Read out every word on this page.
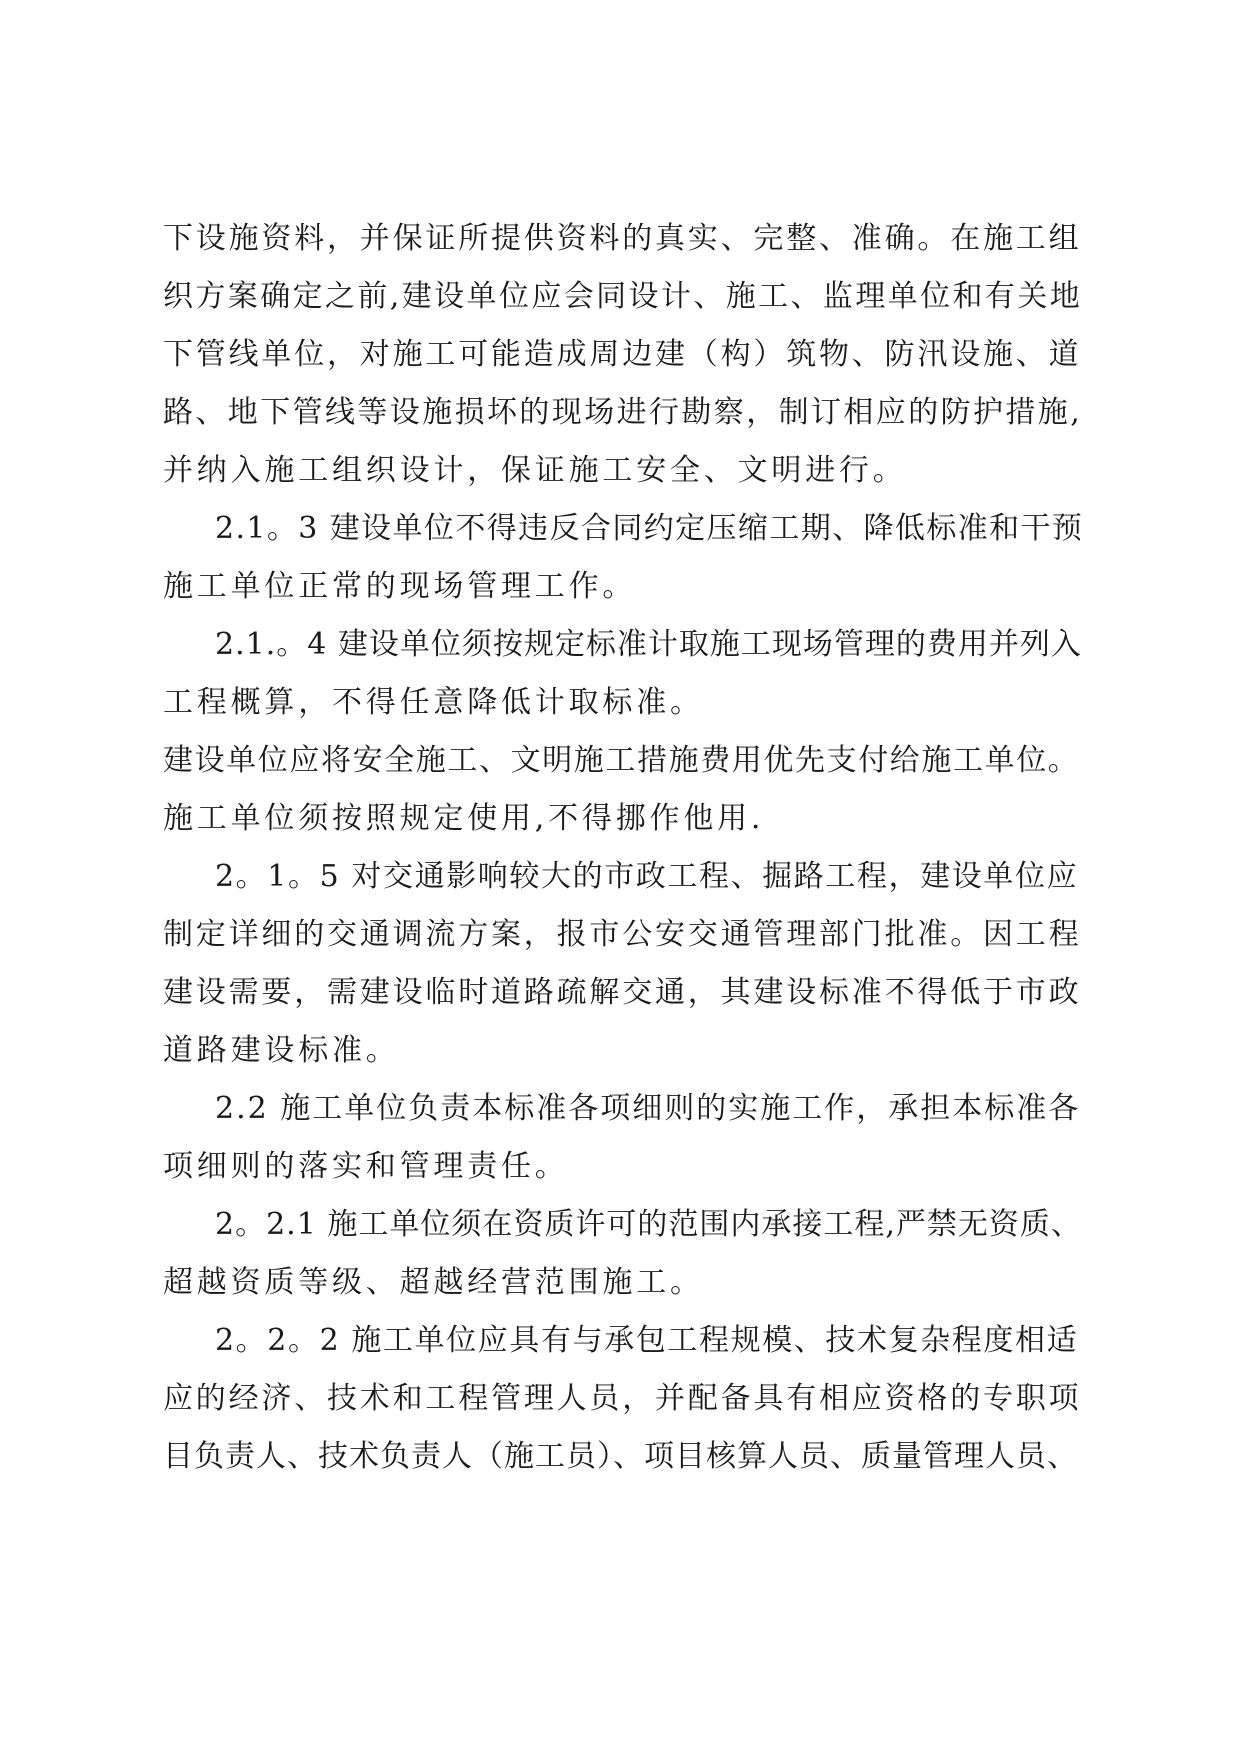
下设施资料，并保证所提供资料的真实、完整、准确。在施工组
织方案确定之前,建设单位应会同设计、施工、监理单位和有关地
下管线单位，对施工可能造成周边建（构）筑物、防汛设施、道
路、地下管线等设施损坏的现场进行勘察，制订相应的防护措施,
并纳入施工组织设计，保证施工安全、文明进行。
2.1。3 建设单位不得违反合同约定压缩工期、降低标准和干预
施工单位正常的现场管理工作。
2.1.。4 建设单位须按规定标准计取施工现场管理的费用并列入
工程概算，不得任意降低计取标准。
建设单位应将安全施工、文明施工措施费用优先支付给施工单位。
施工单位须按照规定使用,不得挪作他用.
2。1。5 对交通影响较大的市政工程、掘路工程，建设单位应
制定详细的交通调流方案，报市公安交通管理部门批准。因工程
建设需要，需建设临时道路疏解交通，其建设标准不得低于市政
道路建设标准。
2.2 施工单位负责本标准各项细则的实施工作，承担本标准各
项细则的落实和管理责任。
2。2.1 施工单位须在资质许可的范围内承接工程,严禁无资质、
超越资质等级、超越经营范围施工。
2。2。2 施工单位应具有与承包工程规模、技术复杂程度相适
应的经济、技术和工程管理人员，并配备具有相应资格的专职项
目负责人、技术负责人（施工员）、项目核算人员、质量管理人员、
